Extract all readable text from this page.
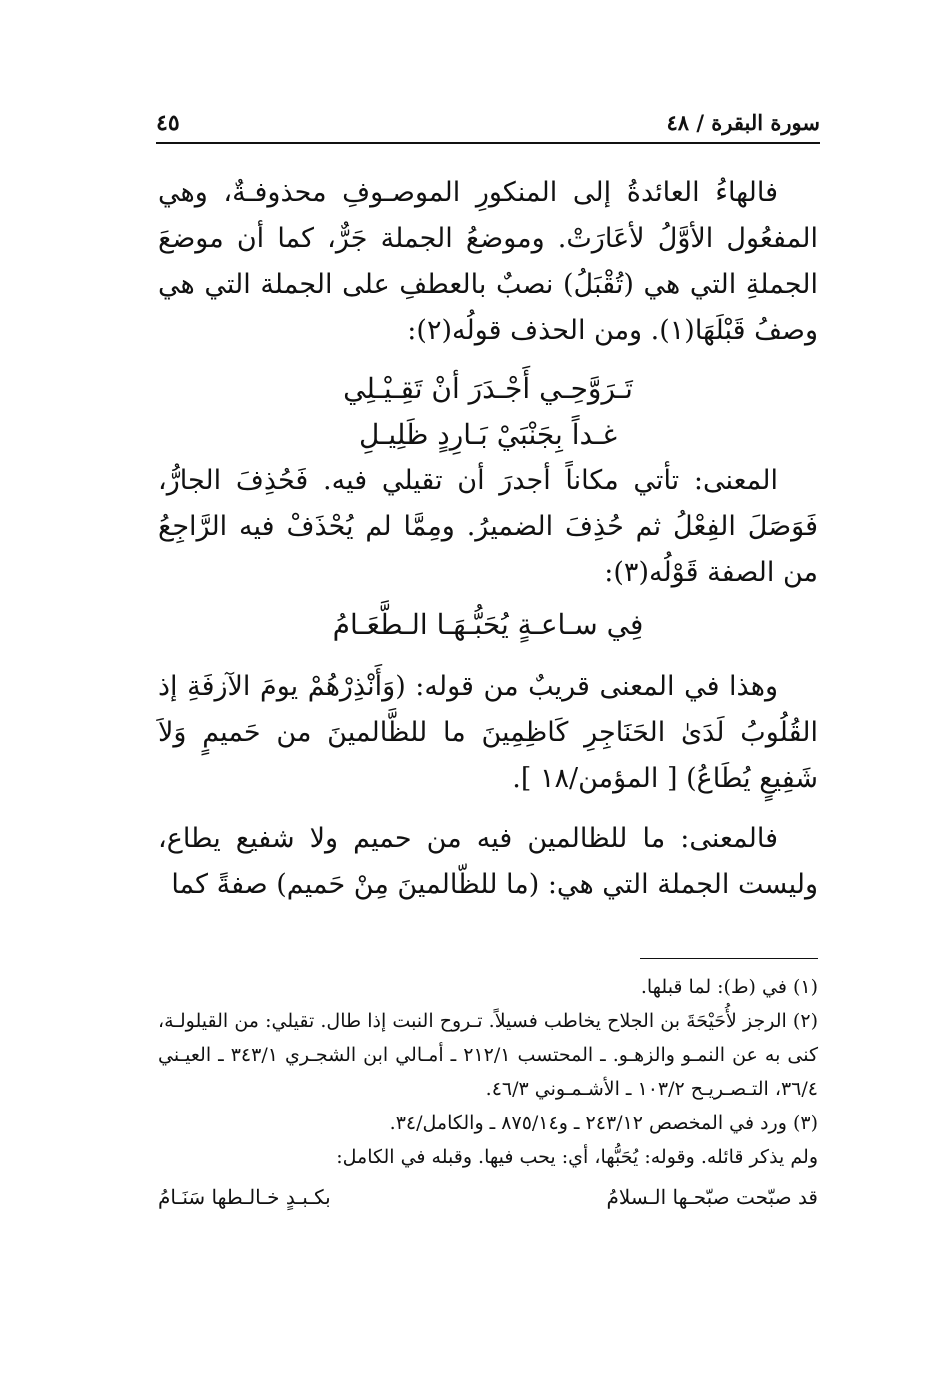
سورة البقرة / ٤٨
٤٥

فالهاءُ العائدةُ إلى المنكورِ الموصـوفِ محذوفـةٌ، وهي المفعُول الأوَّلُ لأعَارَتْ. وموضعُ الجملة جَرٌّ، كما أن موضعَ الجملةِ التي هي (تُقْبَلُ) نصبٌ بالعطفِ على الجملة التي هي وصفُ قَبْلَهَا(١). ومن الحذف قولُه(٢):

تَـرَوَّحِـي أَجْـدَرَ أنْ تَقِـيْـلِي
غـداً بِجَنْبَيْ بَـارِدٍ ظَلِيـلِ

المعنى: تأتي مكاناً أجدرَ أن تقيلي فيه. فَحُذِفَ الجارُّ، فَوَصَلَ الفِعْلُ ثم حُذِفَ الضميرُ. ومِمَّا لم يُحْذَفْ فيه الرَّاجِعُ من الصفة قَوْلُه(٣):

فِي سـاعـةٍ يُحَبُّـهَـا الـطَّعَـامُ

وهذا في المعنى قريبٌ من قوله: (وَأَنْذِرْهُمْ يومَ الآزفَةِ إذ القُلُوبُ لَدَىٰ الحَنَاجِرِ كَاظِمِينَ ما للظَّالمينَ من حَميمٍ وَلاَ شَفِيعٍ يُطَاعُ) [ المؤمن/١٨ ].

فالمعنى: ما للظالمين فيه من حميم ولا شفيع يطاع، وليست الجملة التي هي: (ما للظّالمينَ مِنْ حَميم) صفةً كما

(١) في (ط): لما قبلها.

(٢) الرجز لأُحَيْحَةَ بن الجلاح يخاطب فسيلاً. تـروح النبت إذا طال. تقيلي: من القيلولـة، كنى به عن النمـو والزهـو. ـ المحتسب ٢١٢/١ ـ أمـالي ابن الشجـري ٣٤٣/١ ـ العيـني ٣٦/٤، التـصـريـح ١٠٣/٢ ـ الأشـمـوني ٤٦/٣.

(٣) ورد في المخصص ٢٤٣/١٢ ـ و٨٧٥/١٤ ـ والكامل/٣٤.

ولم يذكر قائله. وقوله: يُحَبُّها، أي: يحب فيها. وقبله في الكامل:

قد صبّحت صبّحـها الـسلامُ
بكـبـدٍ خـالـطها سَنَـامُ
